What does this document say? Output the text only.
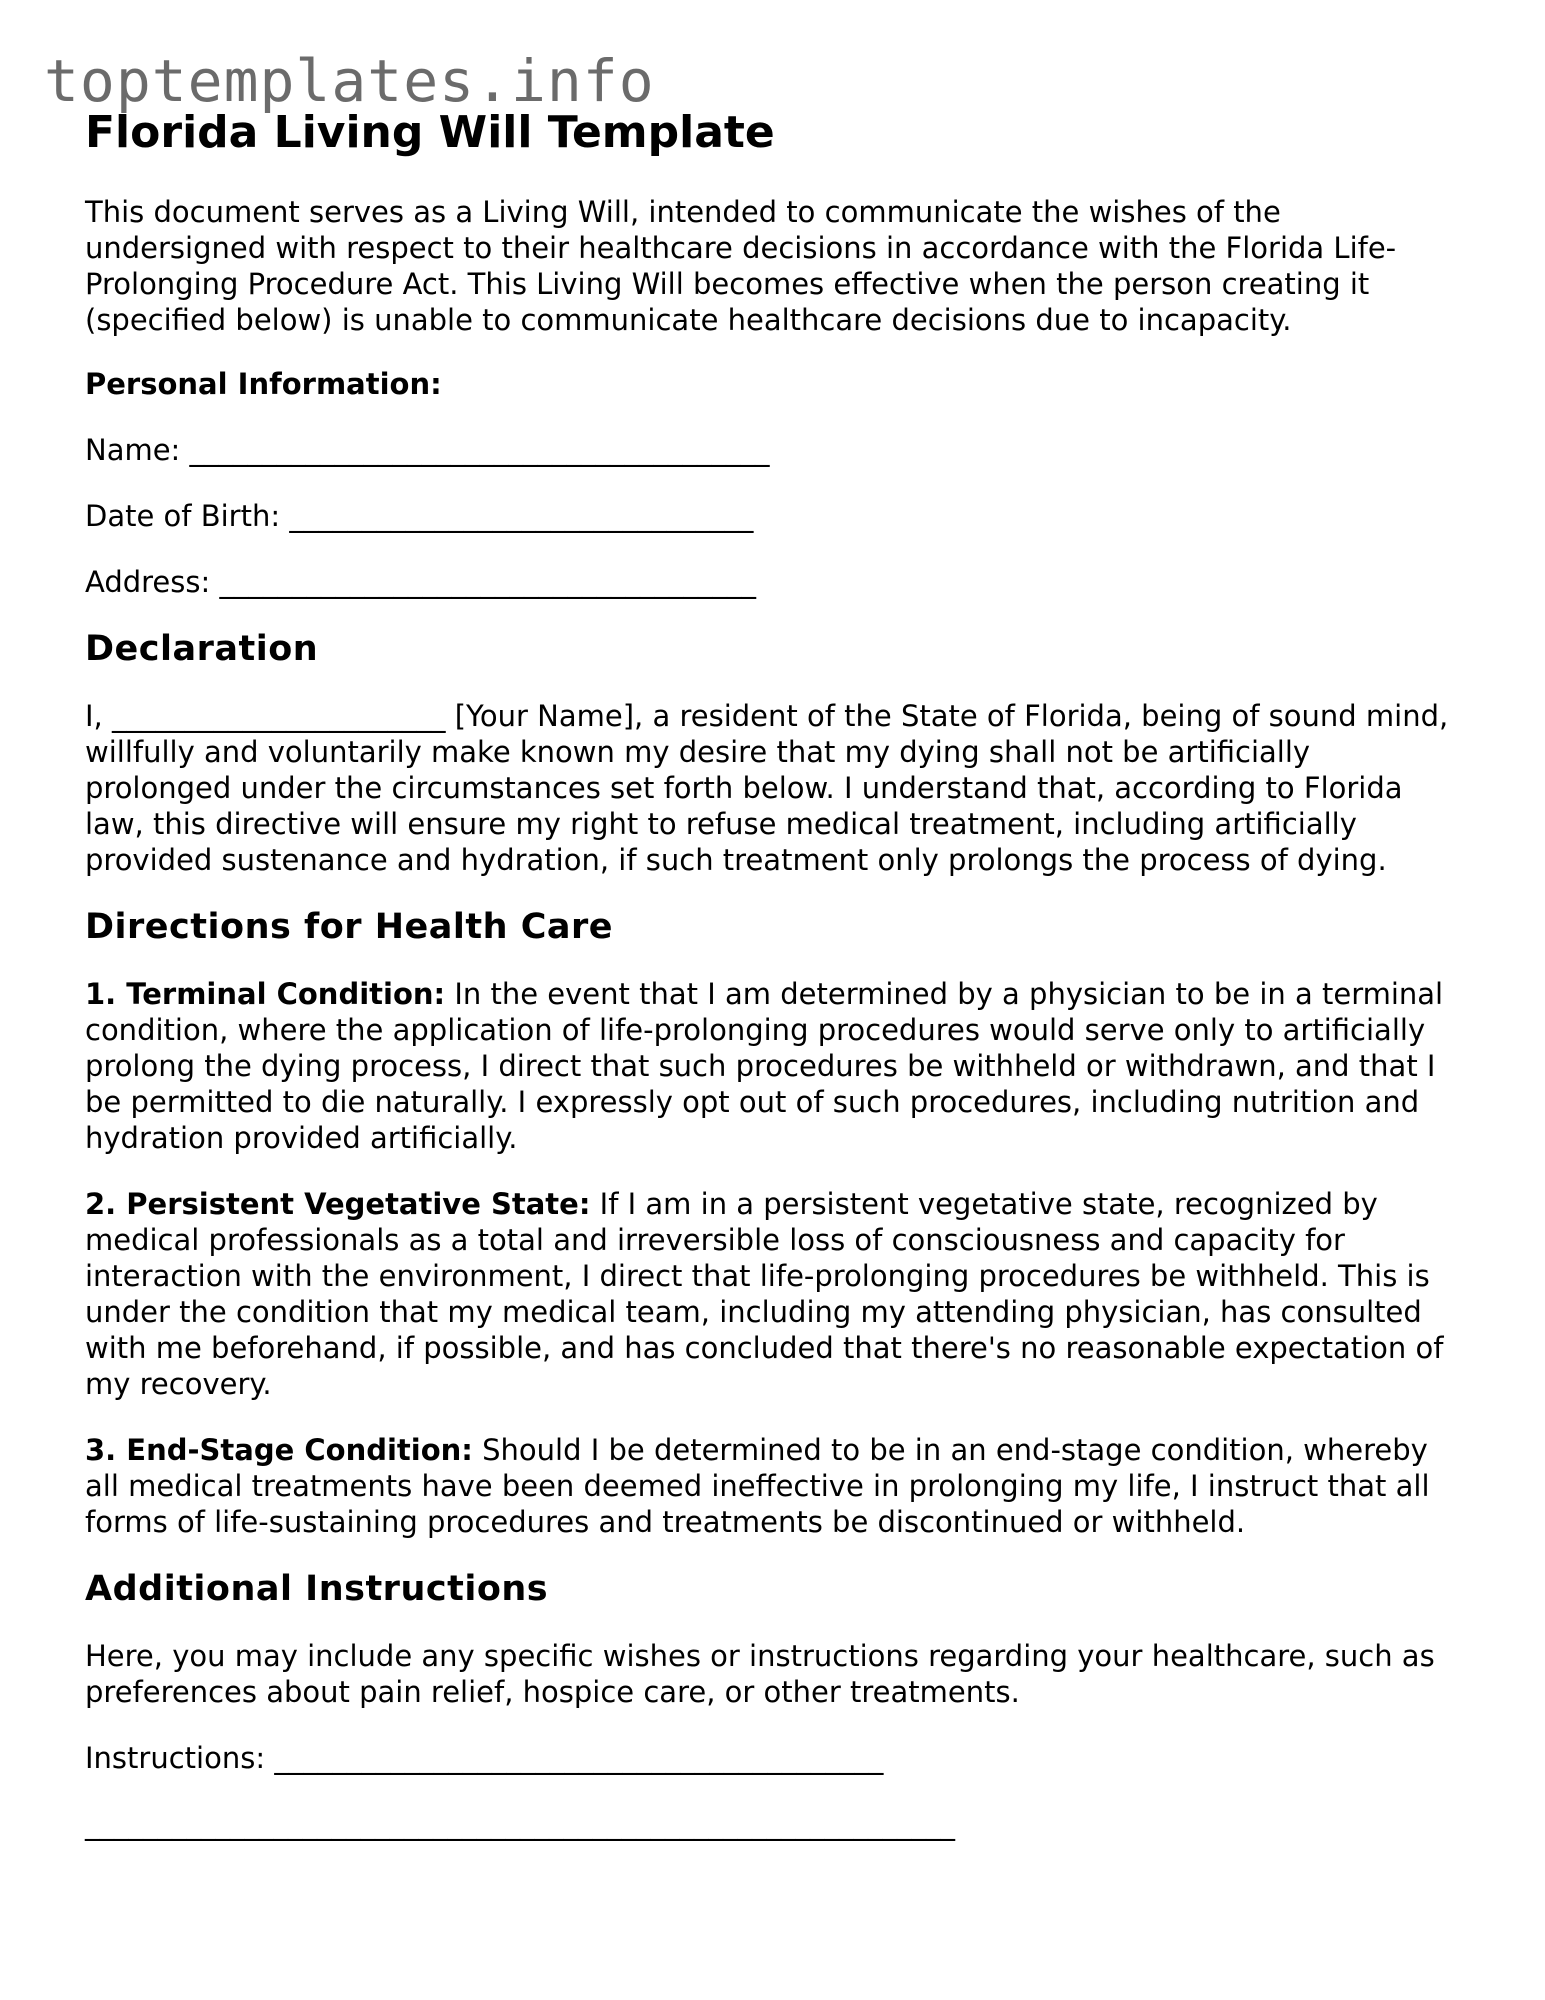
toptemplates.info
Florida Living Will Template

This document serves as a Living Will, intended to communicate the wishes of the undersigned with respect to their healthcare decisions in accordance with the Florida Life-Prolonging Procedure Act. This Living Will becomes effective when the person creating it (specified below) is unable to communicate healthcare decisions due to incapacity.

Personal Information:

Name: ________________________________________

Date of Birth: ________________________________

Address: _____________________________________

Declaration

I, _______________________ [Your Name], a resident of the State of Florida, being of sound mind, willfully and voluntarily make known my desire that my dying shall not be artificially prolonged under the circumstances set forth below. I understand that, according to Florida law, this directive will ensure my right to refuse medical treatment, including artificially provided sustenance and hydration, if such treatment only prolongs the process of dying.

Directions for Health Care

1. Terminal Condition: In the event that I am determined by a physician to be in a terminal condition, where the application of life-prolonging procedures would serve only to artificially prolong the dying process, I direct that such procedures be withheld or withdrawn, and that I be permitted to die naturally. I expressly opt out of such procedures, including nutrition and hydration provided artificially.

2. Persistent Vegetative State: If I am in a persistent vegetative state, recognized by medical professionals as a total and irreversible loss of consciousness and capacity for interaction with the environment, I direct that life-prolonging procedures be withheld. This is under the condition that my medical team, including my attending physician, has consulted with me beforehand, if possible, and has concluded that there's no reasonable expectation of my recovery.

3. End-Stage Condition: Should I be determined to be in an end-stage condition, whereby all medical treatments have been deemed ineffective in prolonging my life, I instruct that all forms of life-sustaining procedures and treatments be discontinued or withheld.

Additional Instructions

Here, you may include any specific wishes or instructions regarding your healthcare, such as preferences about pain relief, hospice care, or other treatments.

Instructions: __________________________________________

____________________________________________________________
